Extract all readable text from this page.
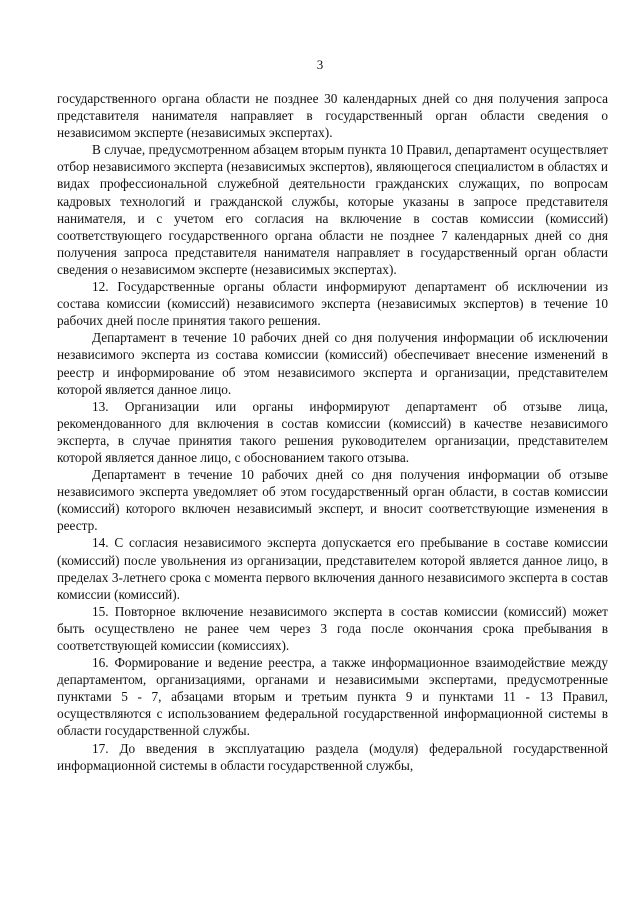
3

государственного органа области не позднее 30 календарных дней со дня получения запроса представителя нанимателя направляет в государственный орган области сведения о независимом эксперте (независимых экспертах).

В случае, предусмотренном абзацем вторым пункта 10 Правил, департамент осуществляет отбор независимого эксперта (независимых экспертов), являющегося специалистом в областях и видах профессиональной служебной деятельности гражданских служащих, по вопросам кадровых технологий и гражданской службы, которые указаны в запросе представителя нанимателя, и с учетом его согласия на включение в состав комиссии (комиссий) соответствующего государственного органа области не позднее 7 календарных дней со дня получения запроса представителя нанимателя направляет в государственный орган области сведения о независимом эксперте (независимых экспертах).

12. Государственные органы области информируют департамент об исключении из состава комиссии (комиссий) независимого эксперта (независимых экспертов) в течение 10 рабочих дней после принятия такого решения.

Департамент в течение 10 рабочих дней со дня получения информации об исключении независимого эксперта из состава комиссии (комиссий) обеспечивает внесение изменений в реестр и информирование об этом независимого эксперта и организации, представителем которой является данное лицо.

13. Организации или органы информируют департамент об отзыве лица, рекомендованного для включения в состав комиссии (комиссий) в качестве независимого эксперта, в случае принятия такого решения руководителем организации, представителем которой является данное лицо, с обоснованием такого отзыва.

Департамент в течение 10 рабочих дней со дня получения информации об отзыве независимого эксперта уведомляет об этом государственный орган области, в состав комиссии (комиссий) которого включен независимый эксперт, и вносит соответствующие изменения в реестр.

14. С согласия независимого эксперта допускается его пребывание в составе комиссии (комиссий) после увольнения из организации, представителем которой является данное лицо, в пределах 3-летнего срока с момента первого включения данного независимого эксперта в состав комиссии (комиссий).

15. Повторное включение независимого эксперта в состав комиссии (комиссий) может быть осуществлено не ранее чем через 3 года после окончания срока пребывания в соответствующей комиссии (комиссиях).

16. Формирование и ведение реестра, а также информационное взаимодействие между департаментом, организациями, органами и независимыми экспертами, предусмотренные пунктами 5 - 7, абзацами вторым и третьим пункта 9 и пунктами 11 - 13 Правил, осуществляются с использованием федеральной государственной информационной системы в области государственной службы.

17. До введения в эксплуатацию раздела (модуля) федеральной государственной информационной системы в области государственной службы,
